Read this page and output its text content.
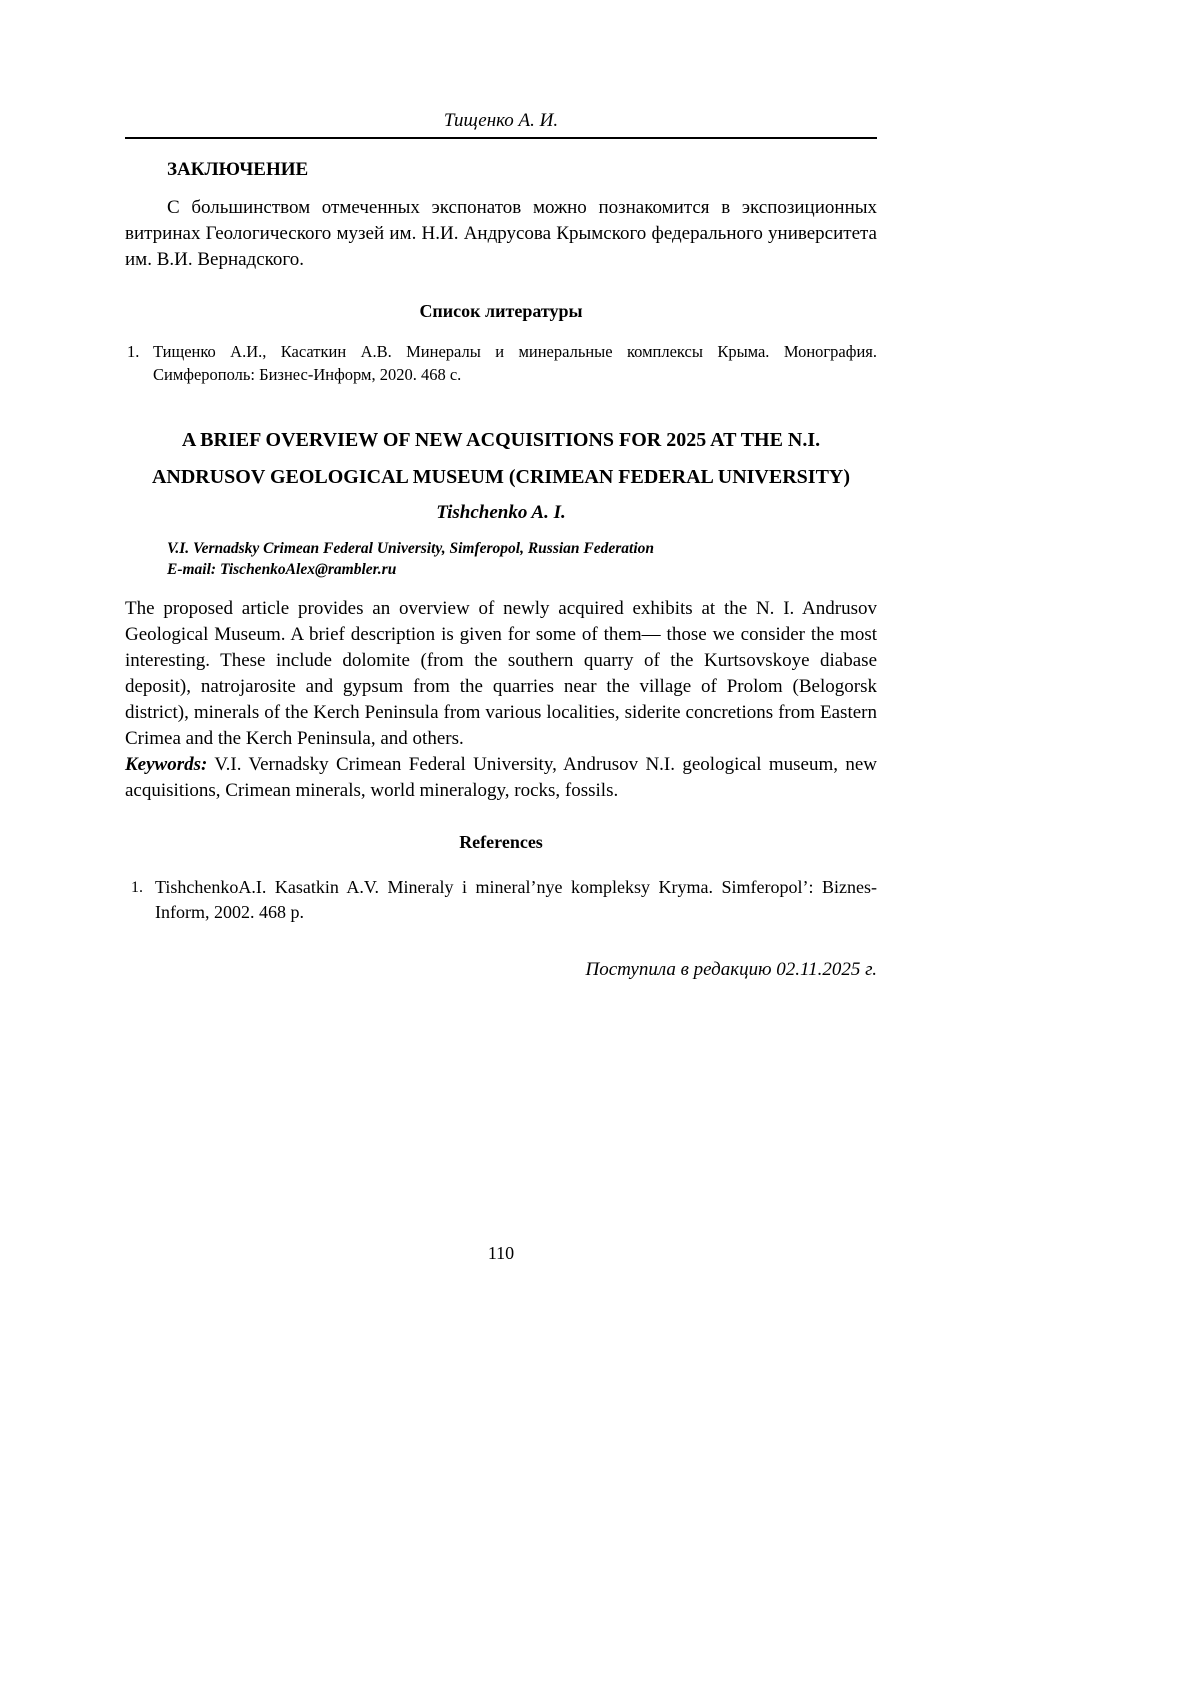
Тищенко А. И.
ЗАКЛЮЧЕНИЕ
С большинством отмеченных экспонатов можно познакомится в экспозиционных витринах Геологического музей им. Н.И. Андрусова Крымского федерального университета им. В.И. Вернадского.
Список литературы
1. Тищенко А.И., Касаткин А.В. Минералы и минеральные комплексы Крыма. Монография. Симферополь: Бизнес-Информ, 2020. 468 с.
A BRIEF OVERVIEW OF NEW ACQUISITIONS FOR 2025 AT THE N.I.
ANDRUSOV GEOLOGICAL MUSEUM (CRIMEAN FEDERAL UNIVERSITY)
Tishchenko A. I.
V.I. Vernadsky Crimean Federal University, Simferopol, Russian Federation
E-mail: TischenkoAlex@rambler.ru
The proposed article provides an overview of newly acquired exhibits at the N. I. Andrusov Geological Museum. A brief description is given for some of them— those we consider the most interesting. These include dolomite (from the southern quarry of the Kurtsovskoye diabase deposit), natrojarosite and gypsum from the quarries near the village of Prolom (Belogorsk district), minerals of the Kerch Peninsula from various localities, siderite concretions from Eastern Crimea and the Kerch Peninsula, and others.
Keywords: V.I. Vernadsky Crimean Federal University, Andrusov N.I. geological museum, new acquisitions, Crimean minerals, world mineralogy, rocks, fossils.
References
1. TishchenkoA.I. Kasatkin A.V. Mineraly i mineral’nye kompleksy Kryma. Simferopol’: Biznes-Inform, 2002. 468 p.
Поступила в редакцию 02.11.2025 г.
110
